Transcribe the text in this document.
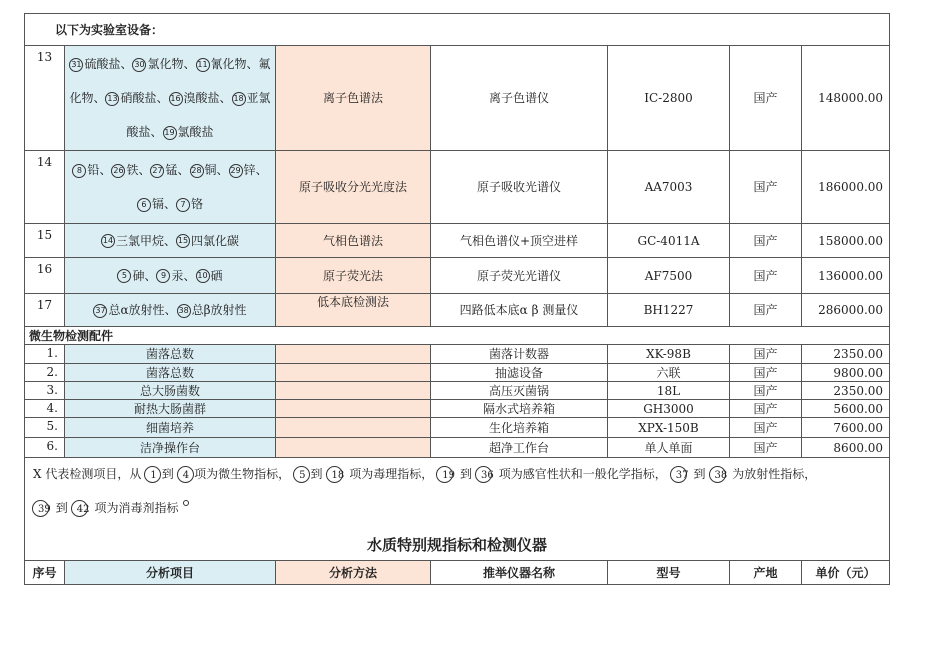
以下为实验室设备：						
13	31 硫酸盐、 30 氯化物、 11 氰化物、氟化物、 13 硝酸盐、 16 溴酸盐、 18 亚氯酸盐、 19 氯酸盐	离子色谱法	离子色谱仪	IC-2800	国产	148000.00
14	8 铅、 26 铁、 27 锰、 28 铜、 29 锌、6 镉、 7 铬	原子吸收分光光度法	原子吸收光谱仪	AA7003	国产	186000.00
15	14 三氯甲烷、 15 四氯化碳	气相色谱法	气相色谱仪+顶空进样	GC-4011A	国产	158000.00
16	5 砷、 9 汞、 10 硒	原子荧光法	原子荧光光谱仪	AF7500	国产	136000.00
17	37 总α放射性、 38 总β放射性	低本底检测法	四路低本底α β 测量仪	BH1227	国产	286000.00
微生物检测配件						
1.	菌落总数		菌落计数器	XK-98B	国产	2350.00
2.	菌落总数		抽滤设备	六联	国产	9800.00
3.	总大肠菌数		高压灭菌锅	18L	国产	2350.00
4.	耐热大肠菌群		隔水式培养箱	GH3000	国产	5600.00
5.	细菌培养		生化培养箱	XPX-150B	国产	7600.00
6.	洁净操作台		超净工作台	单人单面	国产	8600.00

X 代表检测项目，从 1 到 4 项为微生物指标， 5 到 18 项为毒理指标， 19 到 36 项为感官性状和一般化学指标， 37 到 38 为放射性指标，
39 到 42 项为消毒剂指标						

水质特别规指标和检测仪器						
序号	分析项目	分析方法	推举仪器名称	型号	产地	单价（元）
